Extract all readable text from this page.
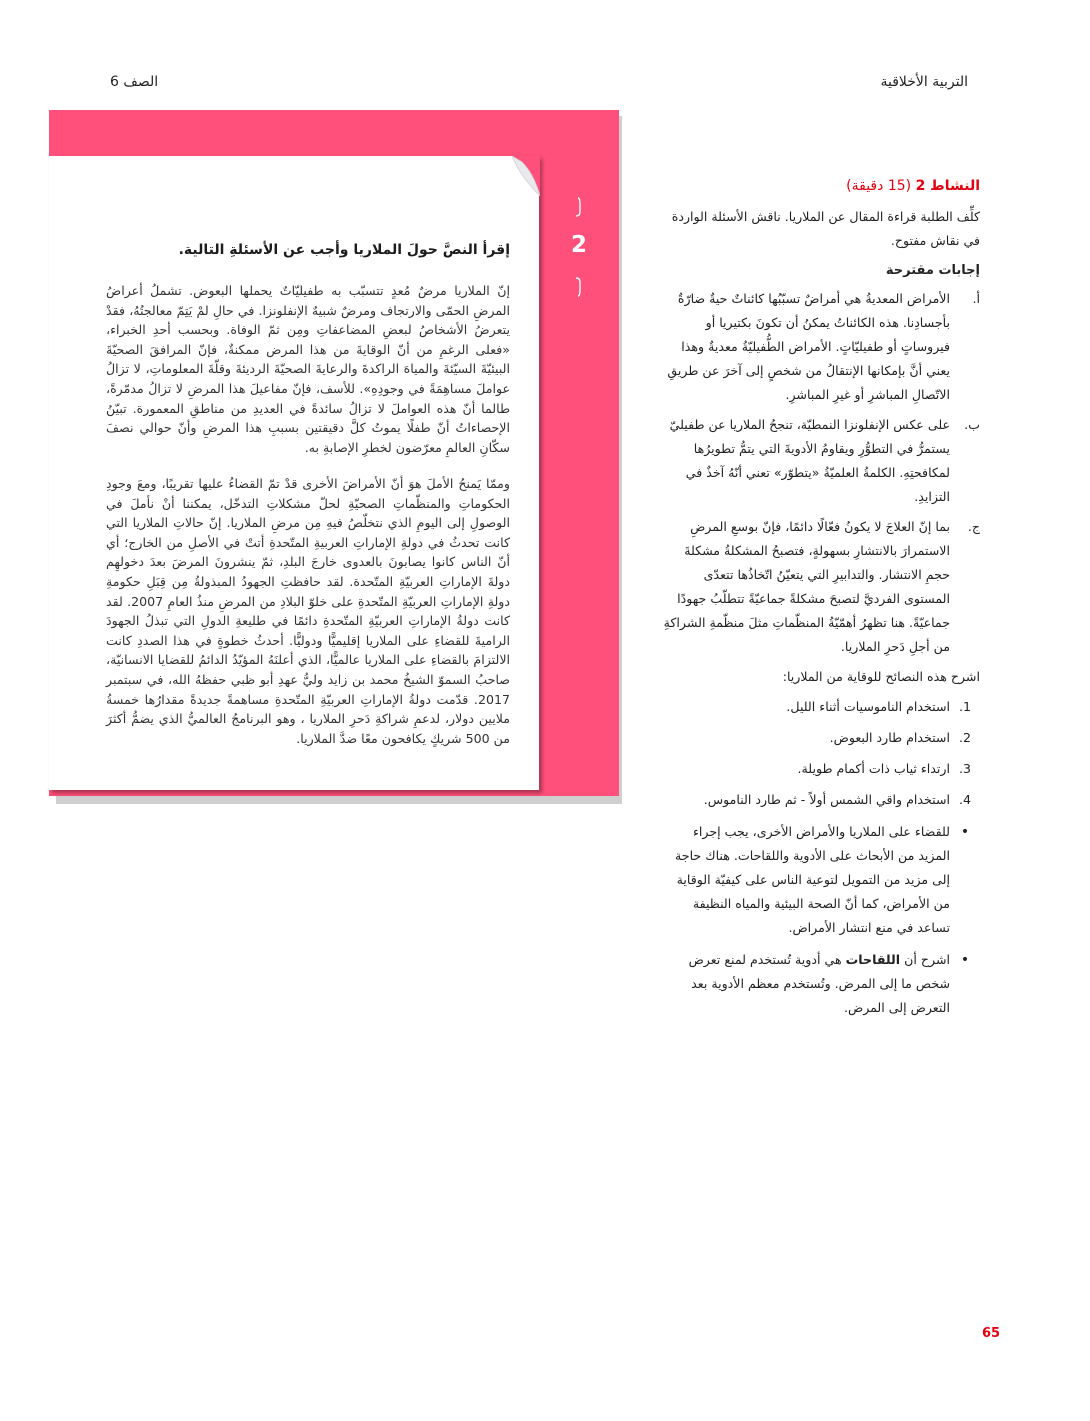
التربية الأخلاقية
الصف 6
2
إقرأ النصَّ حولَ الملاريا وأجب عن الأسئلةِ التالية.
إنّ الملاريا مرضٌ مُعدٍ تتسبّب به طفيليّاتٌ يحملها البعوض. تشملُ أعراضُ المرضِ الحمّى والارتجاف ومرضٌ شبيهٌ الإنفلونزا. في حالِ لمْ يَتِمّ معالجتُهُ، فقدْ يتعرضُ الأشخاصُ لبعضِ المضاعفاتِ ومِن ثمّ الوفاة. وبحسب أحدِ الخبراء، «فعلى الرغمِ من أنّ الوقايةَ من هذا المرض ممكنةٌ، فإنّ المرافقَ الصحيّةَ البيئيّةَ السيّئةَ والمياهَ الراكدةَ والرعايةَ الصحيّةَ الرديئةَ وقلّةَ المعلوماتِ، لا تزالُ عواملَ مساهِمَةً في وجودِهِ». للأسف، فإنّ مفاعيلَ هذا المرضِ لا تزالُ مدمّرةً، طالما أنّ هذه العواملَ لا تزالُ سائدةً في العديدِ من مناطقِ المعمورة. تبيّنُ الإحصاءاتُ أنّ طفلًا يموتُ كلَّ دقيقتين بسببِ هذا المرضِ وأنّ حوالي نصفَ سكّانِ العالمِ معرّضون لخطرِ الإصابةِ به.
وممّا يَمنحُ الأملَ هوَ أنّ الأمراضَ الأخرى قدْ تمّ القضاءُ عليها تقريبًا، ومعَ وجودِ الحكوماتِ والمنظّماتِ الصحيّةِ لحلّ مشكلاتِ التدخّل، يمكننا أنْ نأملَ في الوصولِ إلى اليومِ الذي نتخلّصُ فيهِ مِن مرضِ الملاريا. إنّ حالاتِ الملاريا التي كانت تحدثُ في دولةِ الإماراتِ العربيةِ المتّحدةِ أتتْ في الأصلِ من الخارج؛ أي أنّ الناس كانوا يصابونَ بالعدوى خارجَ البلدِ، ثمّ ينشرونَ المرضَ بعدَ دخولهِم دولةَ الإماراتِ العربيّةِ المتّحدة. لقد حافظتِ الجهودُ المبذولةُ مِن قِبَلِ حكومةِ دولةِ الإماراتِ العربيّةِ المتّحدةِ على خلوّ البلادِ من المرضِ منذُ العامِ 2007. لقد كانت دولةُ الإماراتِ العربيّةِ المتّحدةِ دائمًا في طليعةِ الدولِ التي تبذلُ الجهودَ الراميةَ للقضاءِ على الملاريا إقليميًّا ودوليًّا. أحدثُ خطوةٍ في هذا الصددِ كانت الالتزامَ بالقضاءِ على الملاريا عالميًّا، الذي أعلنَهُ المؤيّدُ الدائمُ للقضايا الانسانيّة، صاحبُ السموّ الشيخُ محمد بن زايد وليُّ عهدِ أبو ظبي حفظهُ الله، في سبتمبر 2017. قدّمت دولةُ الإماراتِ العربيّةِ المتّحدةِ مساهمةً جديدةً مقدارُها خمسةُ ملايين دولار، لدعمِ شراكةِ دَحرِ الملاريا ، وهو البرنامجُ العالميُّ الذي يضمُّ أكثرَ من 500 شريكٍ يكافحون معًا ضدَّ الملاريا.
النشاط 2 (15 دقيقة)
كلِّف الطلبة قراءة المقال عن الملاريا. ناقش الأسئلة الواردة في نقاش مفتوح.
إجابات مقترحة
أ.
الأمراض المعديةُ هي أمراضٌ تسبّبُها كائناتٌ حيةٌ ضارّةٌ بأجسادِنا. هذه الكائناتُ يمكنُ أن تكونَ بكتيريا أو فيروساتٍ أو طفيليّاتٍ. الأمراض الطُّفيليّةُ معديةٌ وهذا يعني أنَّ بإمكانها الإنتقالُ من شخصٍ إلى آخرَ عن طريقِ الاتّصالِ المباشرِ أو غيرِ المباشرِ.
ب.
على عكس الإنفلونزا النمطيّة، تنجحُ الملاريا عن طفيليّ يستمرُّ في التطوُّرِ ويقاومُ الأدويةَ التي يتمُّ تطويرُها لمكافحتِهِ. الكلمةُ العلميّةُ «يتطوّر» تعني أنّهُ آخذٌ في التزايدِ.
ج.
بما إنّ العلاجَ لا يكونُ فعّالًا دائمًا، فإنّ بوسعِ المرضِ الاستمرارَ بالانتشارِ بسهولةٍ، فتصبحُ المشكلةُ مشكلةَ حجمِ الانتشار. والتدابيرِ التي يتعيّنُ اتّخاذُها تتعدّى المستوى الفرديَّ لتصبحَ مشكلةً جماعيّةً تتطلّبُ جهودًا جماعيّةً. هنا تظهرُ أهمّيّةُ المنظّماتِ مثلَ منظّمةِ الشراكةِ من أجلِ دَحرِ الملاريا.
اشرح هذه النصائح للوقاية من الملاريا:
1.
استخدام الناموسيات أثناء الليل.
2.
استخدام طارد البعوض.
3.
ارتداء ثياب ذات أكمام طويلة.
4.
استخدام واقي الشمس أولاً - ثم طارد الناموس.
•
للقضاء على الملاريا والأمراض الأخرى، يجب إجراء المزيد من الأبحاث على الأدوية واللقاحات. هناك حاجة إلى مزيد من التمويل لتوعية الناس على كيفيّة الوقاية من الأمراض، كما أنّ الصحة البيئية والمياه النظيفة تساعد في منع انتشار الأمراض.
•
اشرح أن اللقاحات هي أدوية تُستخدم لمنع تعرض شخص ما إلى المرض. وتُستخدم معظم الأدوية بعد التعرض إلى المرض.
65
